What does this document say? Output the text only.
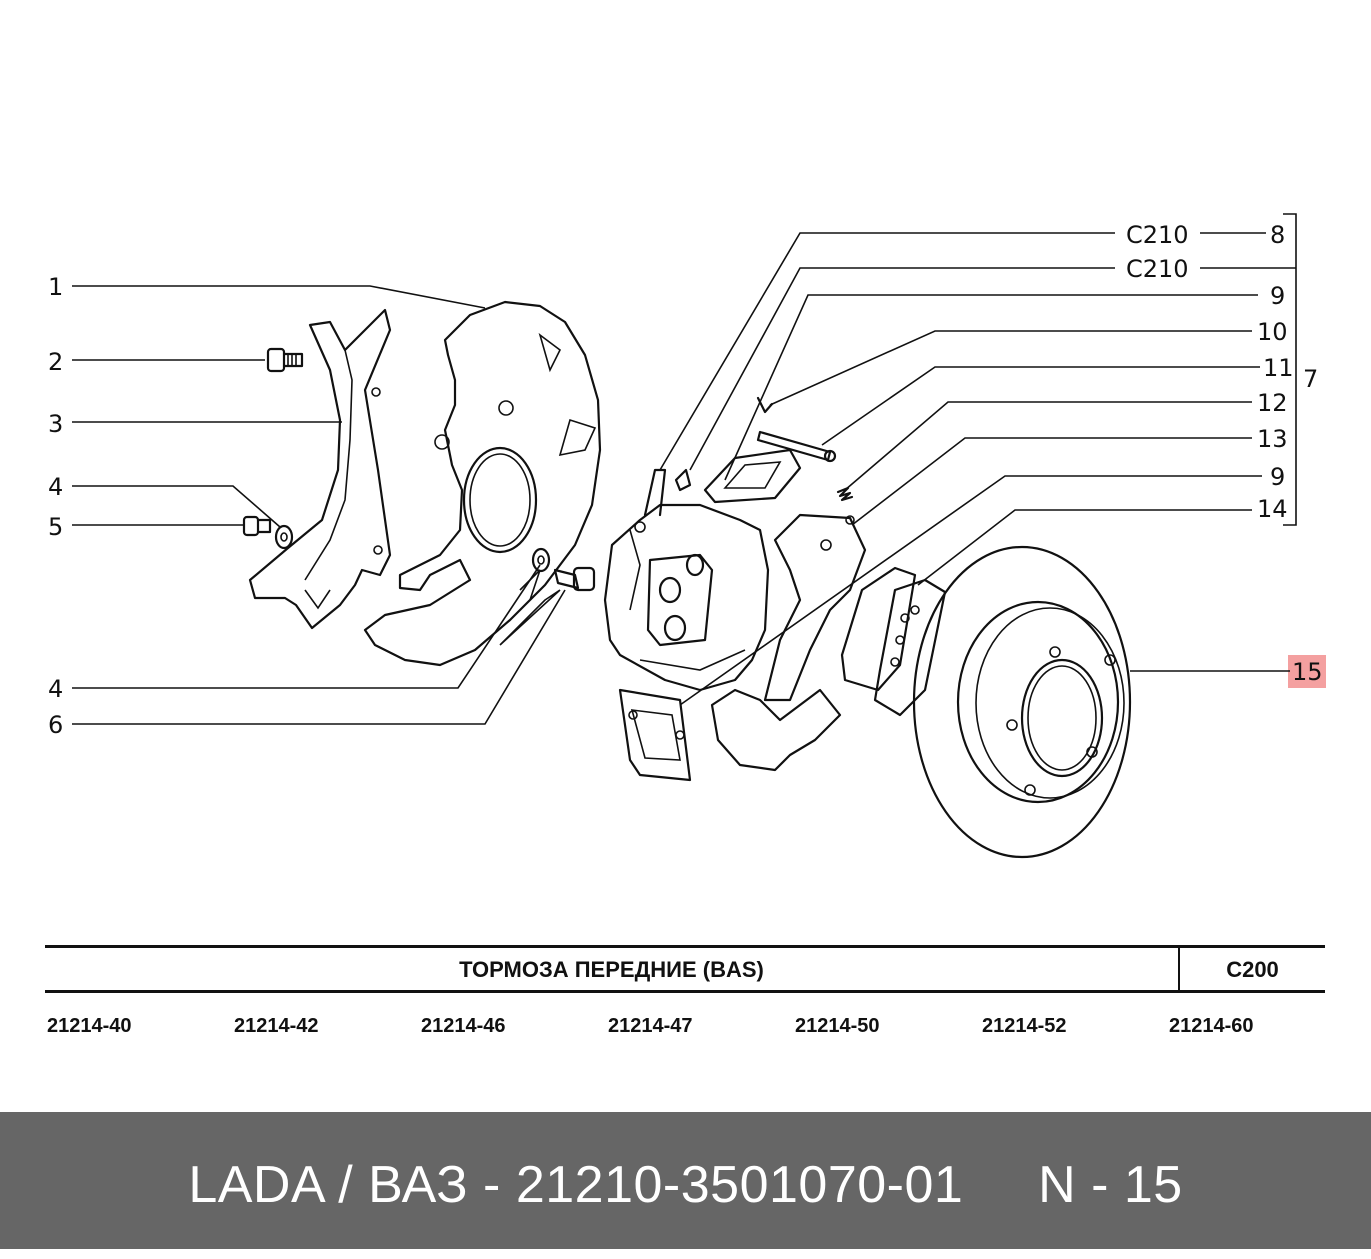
1
2
3
4
5
4
6
C210
C210
8
9
10
11
12
13
9
14
7
15
ТОРМОЗА ПЕРЕДНИЕ (BAS)	C200
21214-40	21214-42	21214-46	21214-47	21214-50	21214-52	21214-60
LADA / ВАЗ - 21210-3501070-01     N - 15
